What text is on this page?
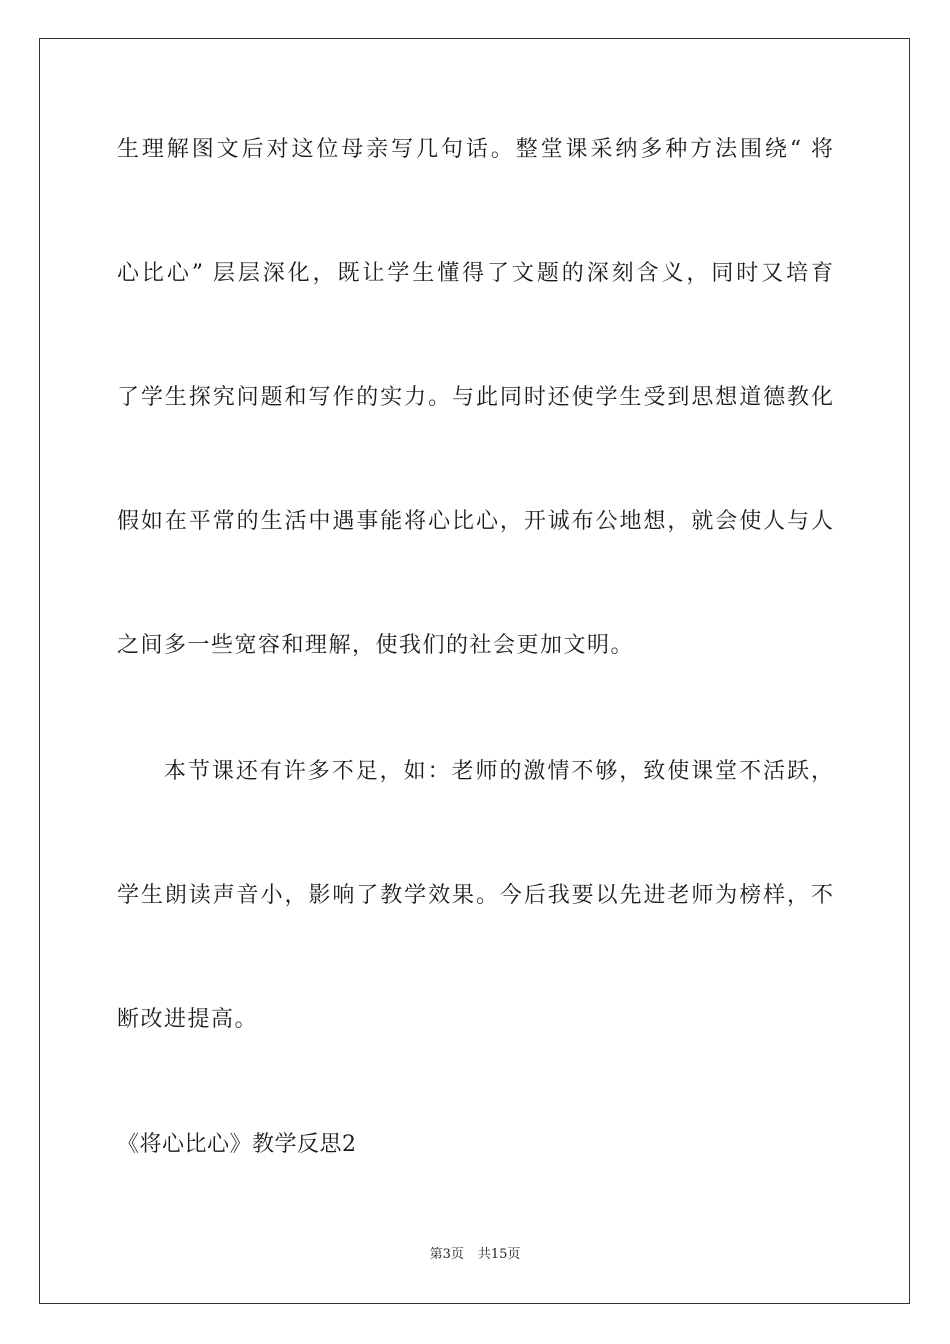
生理解图文后对这位母亲写几句话。整堂课采纳多种方法围绕“ 将
心比心” 层层深化，既让学生懂得了文题的深刻含义，同时又培育
了学生探究问题和写作的实力。与此同时还使学生受到思想道德教化
假如在平常的生活中遇事能将心比心，开诚布公地想，就会使人与人
之间多一些宽容和理解，使我们的社会更加文明。
本节课还有许多不足，如：老师的激情不够，致使课堂不活跃，
学生朗读声音小，影响了教学效果。今后我要以先进老师为榜样，不
断改进提高。
《将心比心》教学反思2
第3页 共15页
